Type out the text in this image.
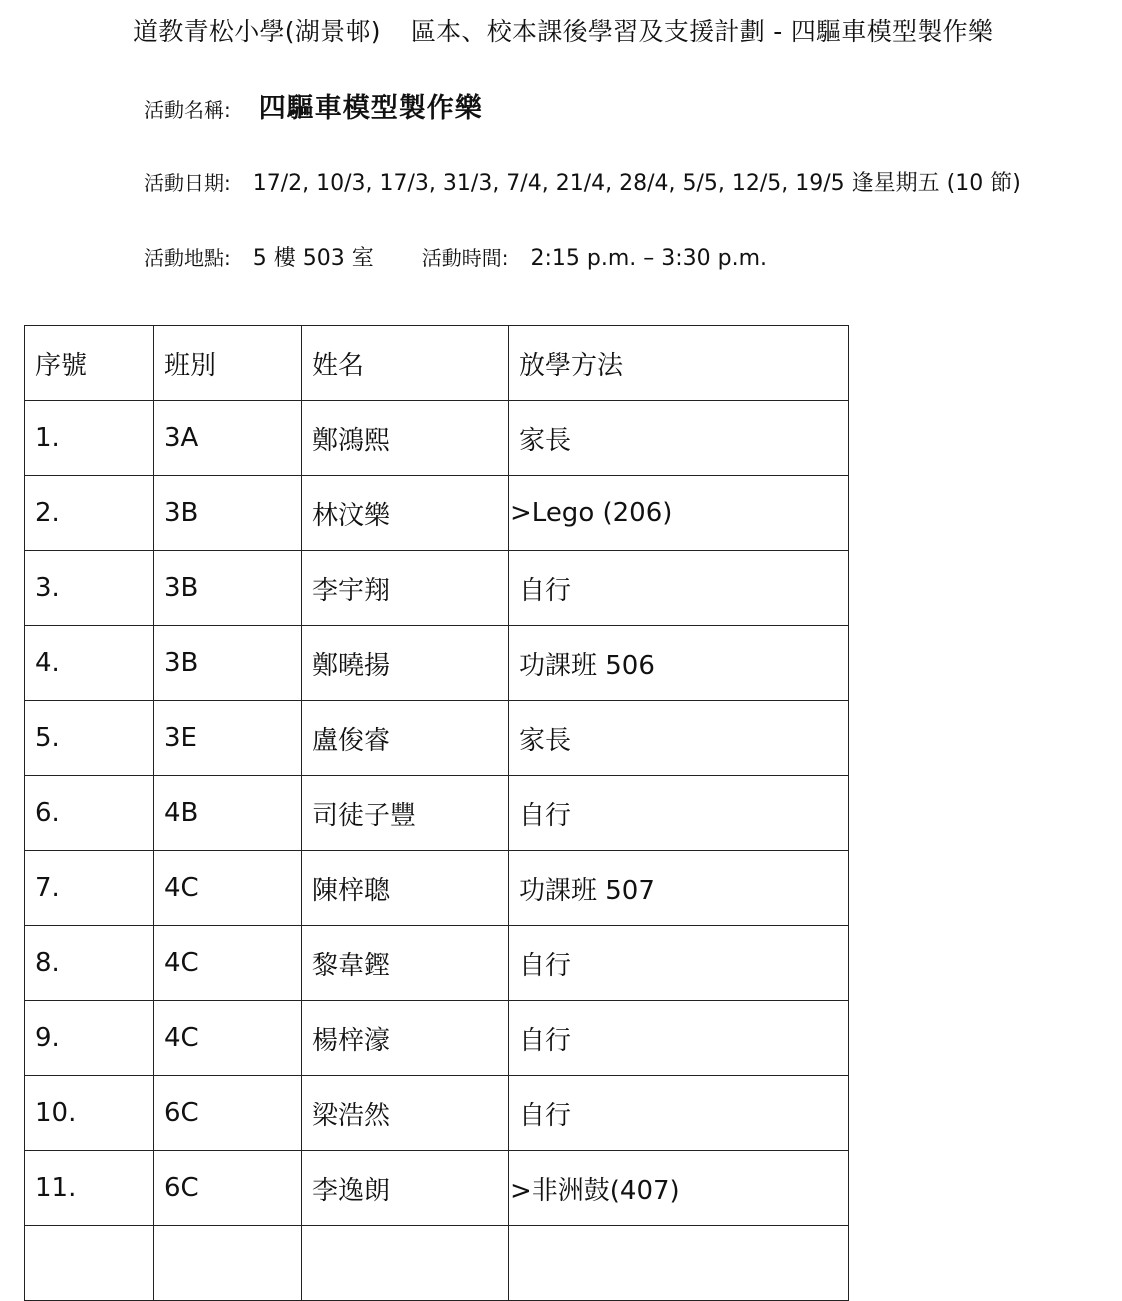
道教青松小學(湖景邨) 區本、校本課後學習及支援計劃 - 四驅車模型製作樂
活動名稱: 四驅車模型製作樂
活動日期: 17/2, 10/3, 17/3, 31/3, 7/4, 21/4, 28/4, 5/5, 12/5, 19/5 逢星期五 (10 節)
活動地點: 5 樓 503 室 活動時間: 2:15 p.m. – 3:30 p.m.
序號	班別	姓名	放學方法
1.	3A	鄭鴻熙	家長
2.	3B	林汶樂	>Lego (206)
3.	3B	李宇翔	自行
4.	3B	鄭曉揚	功課班 506
5.	3E	盧俊睿	家長
6.	4B	司徒子豐	自行
7.	4C	陳梓聰	功課班 507
8.	4C	黎韋鏗	自行
9.	4C	楊梓濠	自行
10.	6C	梁浩然	自行
11.	6C	李逸朗	>非洲鼓(407)
